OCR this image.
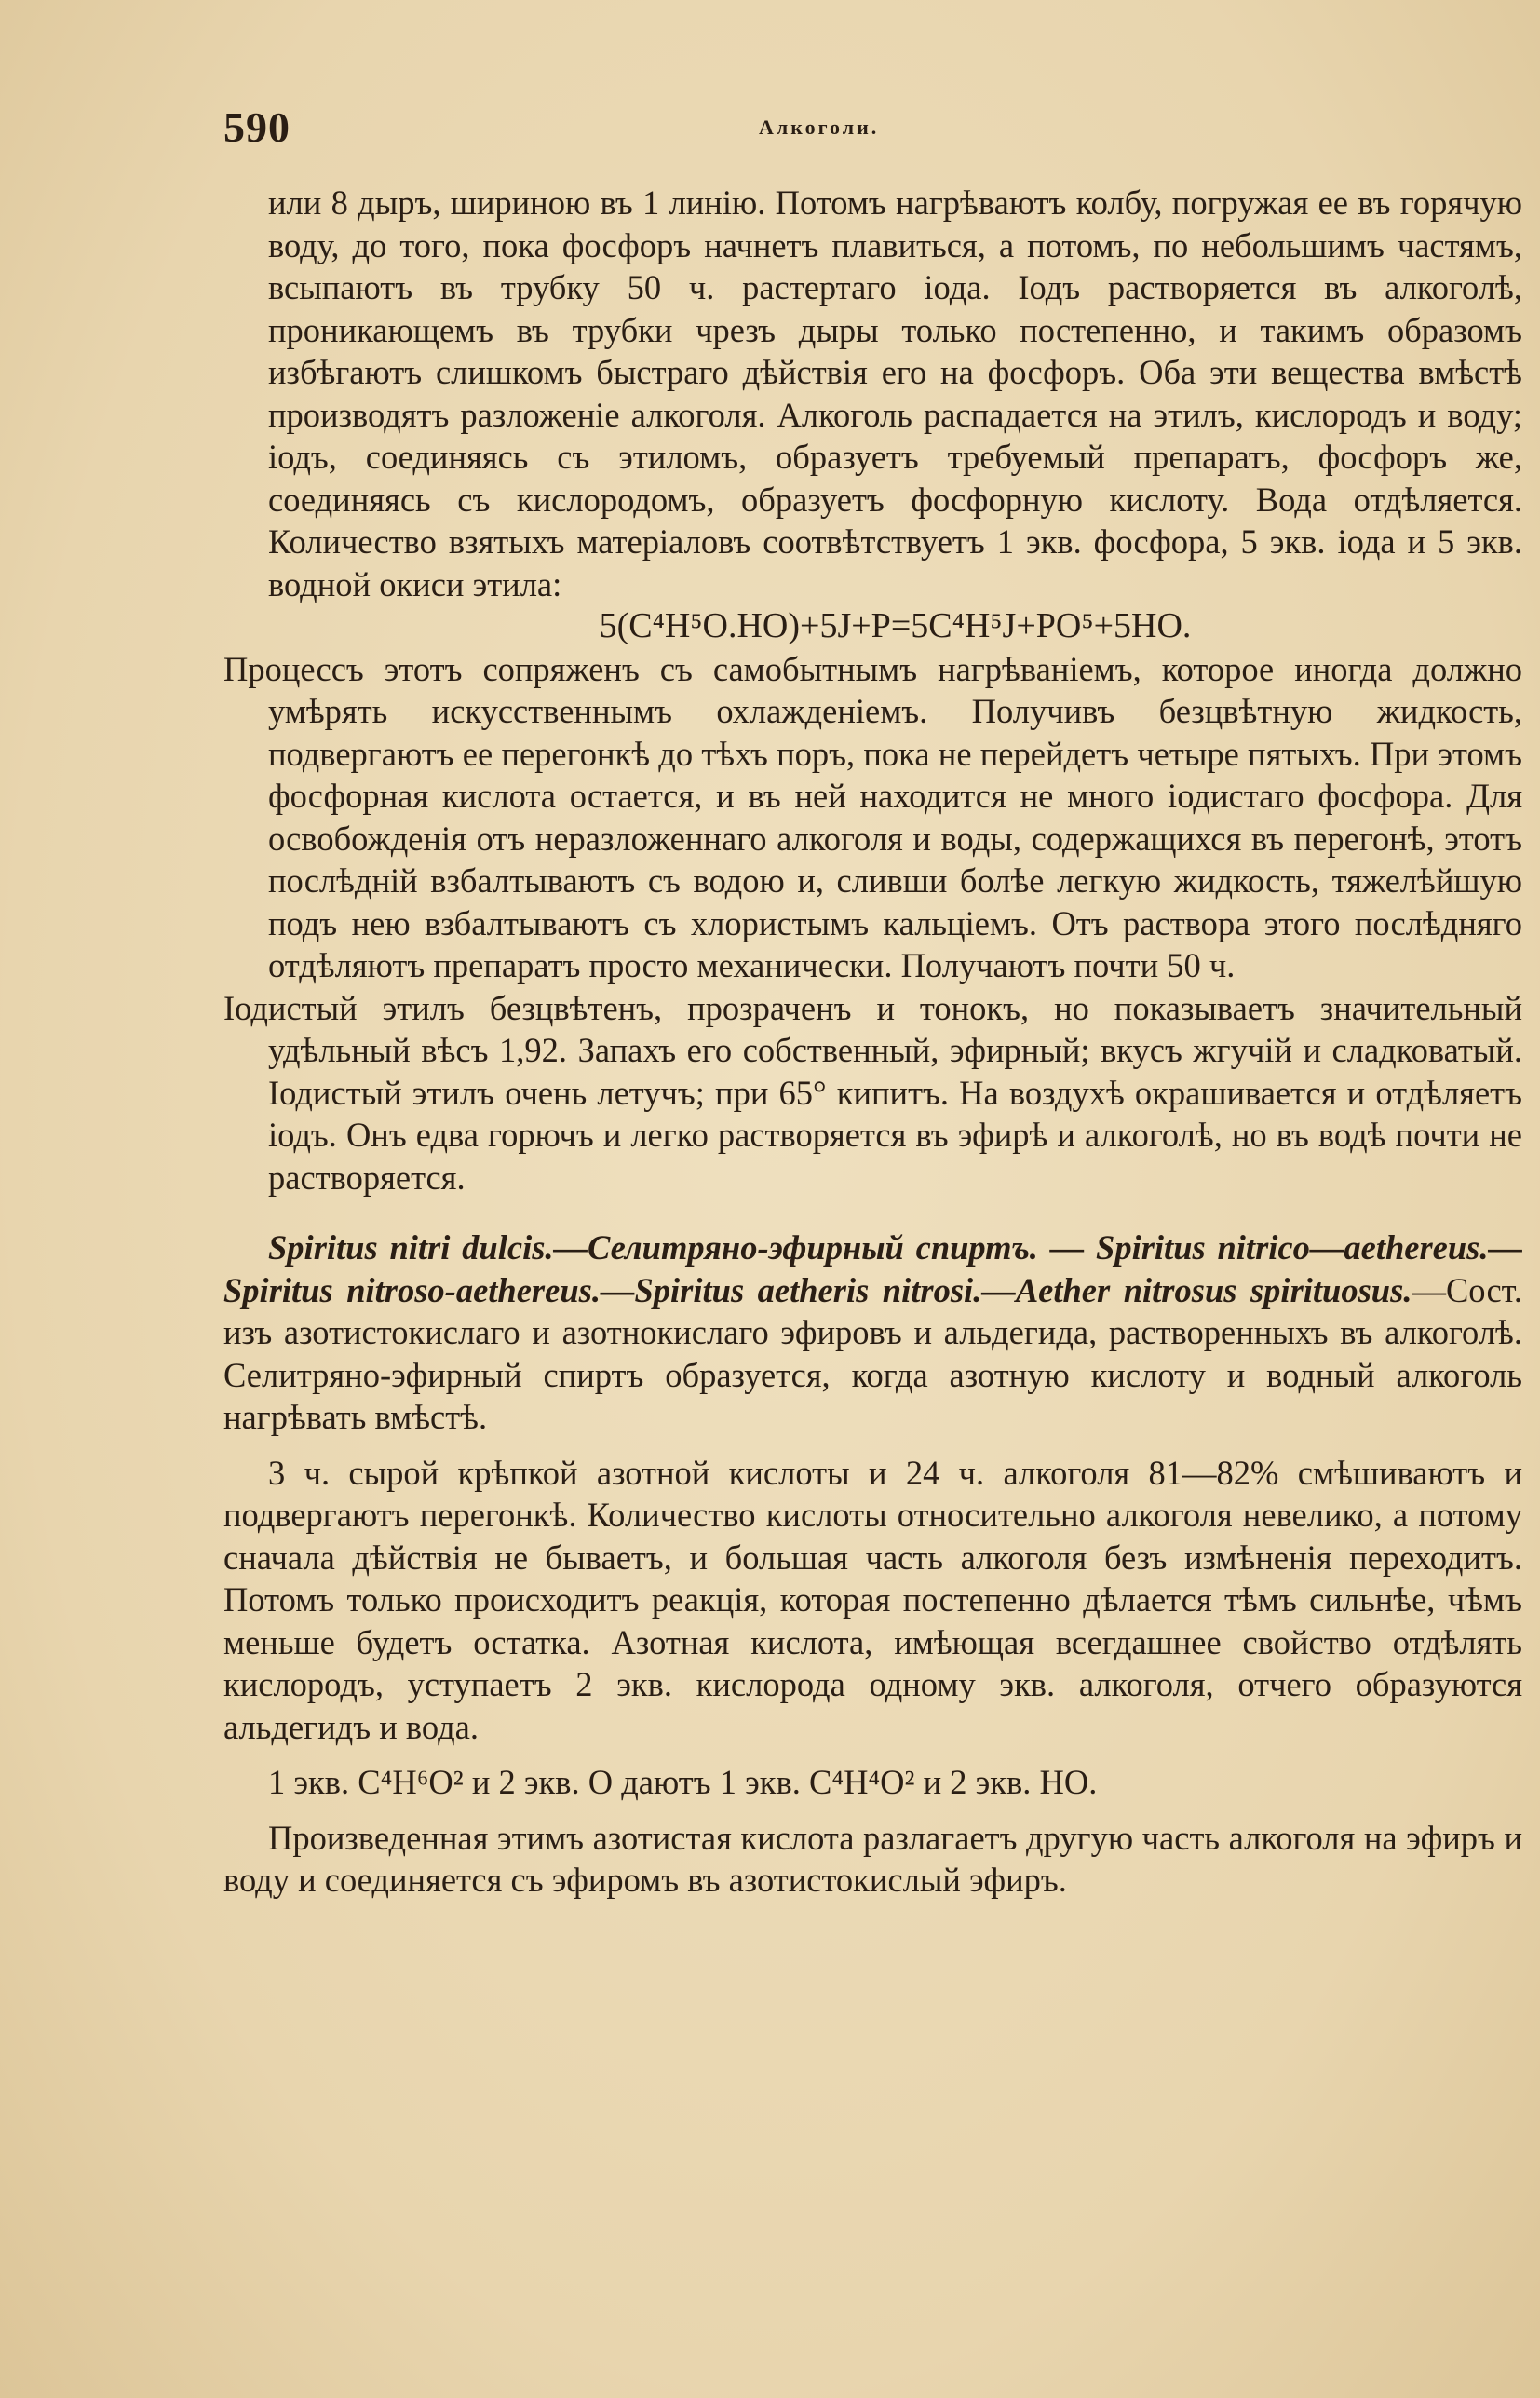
590	Алкоголи.

или 8 дыръ, шириною въ 1 линiю. Потомъ нагрѣваютъ колбу, погружая ее въ горячую воду, до того, пока фосфоръ начнетъ плавиться, а потомъ, по небольшимъ частямъ, всыпаютъ въ трубку 50 ч. растертаго iода. Iодъ растворяется въ алкоголѣ, проникающемъ въ трубки чрезъ дыры только постепенно, и такимъ образомъ избѣгаютъ слишкомъ быстраго дѣйствiя его на фосфоръ. Оба эти вещества вмѣстѣ производятъ разложенiе алкоголя. Алкоголь распадается на этилъ, кислородъ и воду; iодъ, соединяясь съ этиломъ, образуетъ требуемый препаратъ, фосфоръ же, соединяясь съ кислородомъ, образуетъ фосфорную кислоту. Вода отдѣляется. Количество взятыхъ матерiаловъ соотвѣтствуетъ 1 экв. фосфора, 5 экв. iода и 5 экв. водной окиси этила:

5(C⁴H⁵O.HO)+5J+P=5C⁴H⁵J+PO⁵+5HO.

Процессъ этотъ сопряженъ съ самобытнымъ нагрѣванiемъ, которое иногда должно умѣрять искусственнымъ охлажденiемъ. Получивъ безцвѣтную жидкость, подвергаютъ ее перегонкѣ до тѣхъ поръ, пока не перейдетъ четыре пятыхъ. При этомъ фосфорная кислота остается, и въ ней находится не много iодистаго фосфора. Для освобожденiя отъ неразложеннаго алкоголя и воды, содержащихся въ перегонѣ, этотъ послѣднiй взбалтываютъ съ водою и, сливши болѣе легкую жидкость, тяжелѣйшую подъ нею взбалтываютъ съ хлористымъ кальцiемъ. Отъ раствора этого послѣдняго отдѣляютъ препаратъ просто механически. Получаютъ почти 50 ч.

Iодистый этилъ безцвѣтенъ, прозраченъ и тонокъ, но показываетъ значительный удѣльный вѣсъ 1,92. Запахъ его собственный, эфирный; вкусъ жгучiй и сладковатый. Iодистый этилъ очень летучъ; при 65° кипитъ. На воздухѣ окрашивается и отдѣляетъ iодъ. Онъ едва горючъ и легко растворяется въ эфирѣ и алкоголѣ, но въ водѣ почти не растворяется.

Spiritus nitri dulcis.—Селитряно-эфирный спиртъ. — Spiritus nitrico—aethereus.—Spiritus nitroso-aethereus.—Spiritus aetheris nitrosi.—Aether nitrosus spirituosus.—Сост. изъ азотистокислаго и азотнокислаго эфировъ и альдегида, растворенныхъ въ алкоголѣ. Селитряно-эфирный спиртъ образуется, когда азотную кислоту и водный алкоголь нагрѣвать вмѣстѣ.

3 ч. сырой крѣпкой азотной кислоты и 24 ч. алкоголя 81—82% смѣшиваютъ и подвергаютъ перегонкѣ. Количество кислоты относительно алкоголя невелико, а потому сначала дѣйствiя не бываетъ, и большая часть алкоголя безъ измѣненiя переходитъ. Потомъ только происходитъ реакцiя, которая постепенно дѣлается тѣмъ сильнѣе, чѣмъ меньше будетъ остатка. Азотная кислота, имѣющая всегдашнее свойство отдѣлять кислородъ, уступаетъ 2 экв. кислорода одному экв. алкоголя, отчего образуются альдегидъ и вода.

1 экв. C⁴H⁶O² и 2 экв. O даютъ 1 экв. C⁴H⁴O² и 2 экв. HO.

Произведенная этимъ азотистая кислота разлагаетъ другую часть алкоголя на эфиръ и воду и соединяется съ эфиромъ въ азотистокислый эфиръ.
